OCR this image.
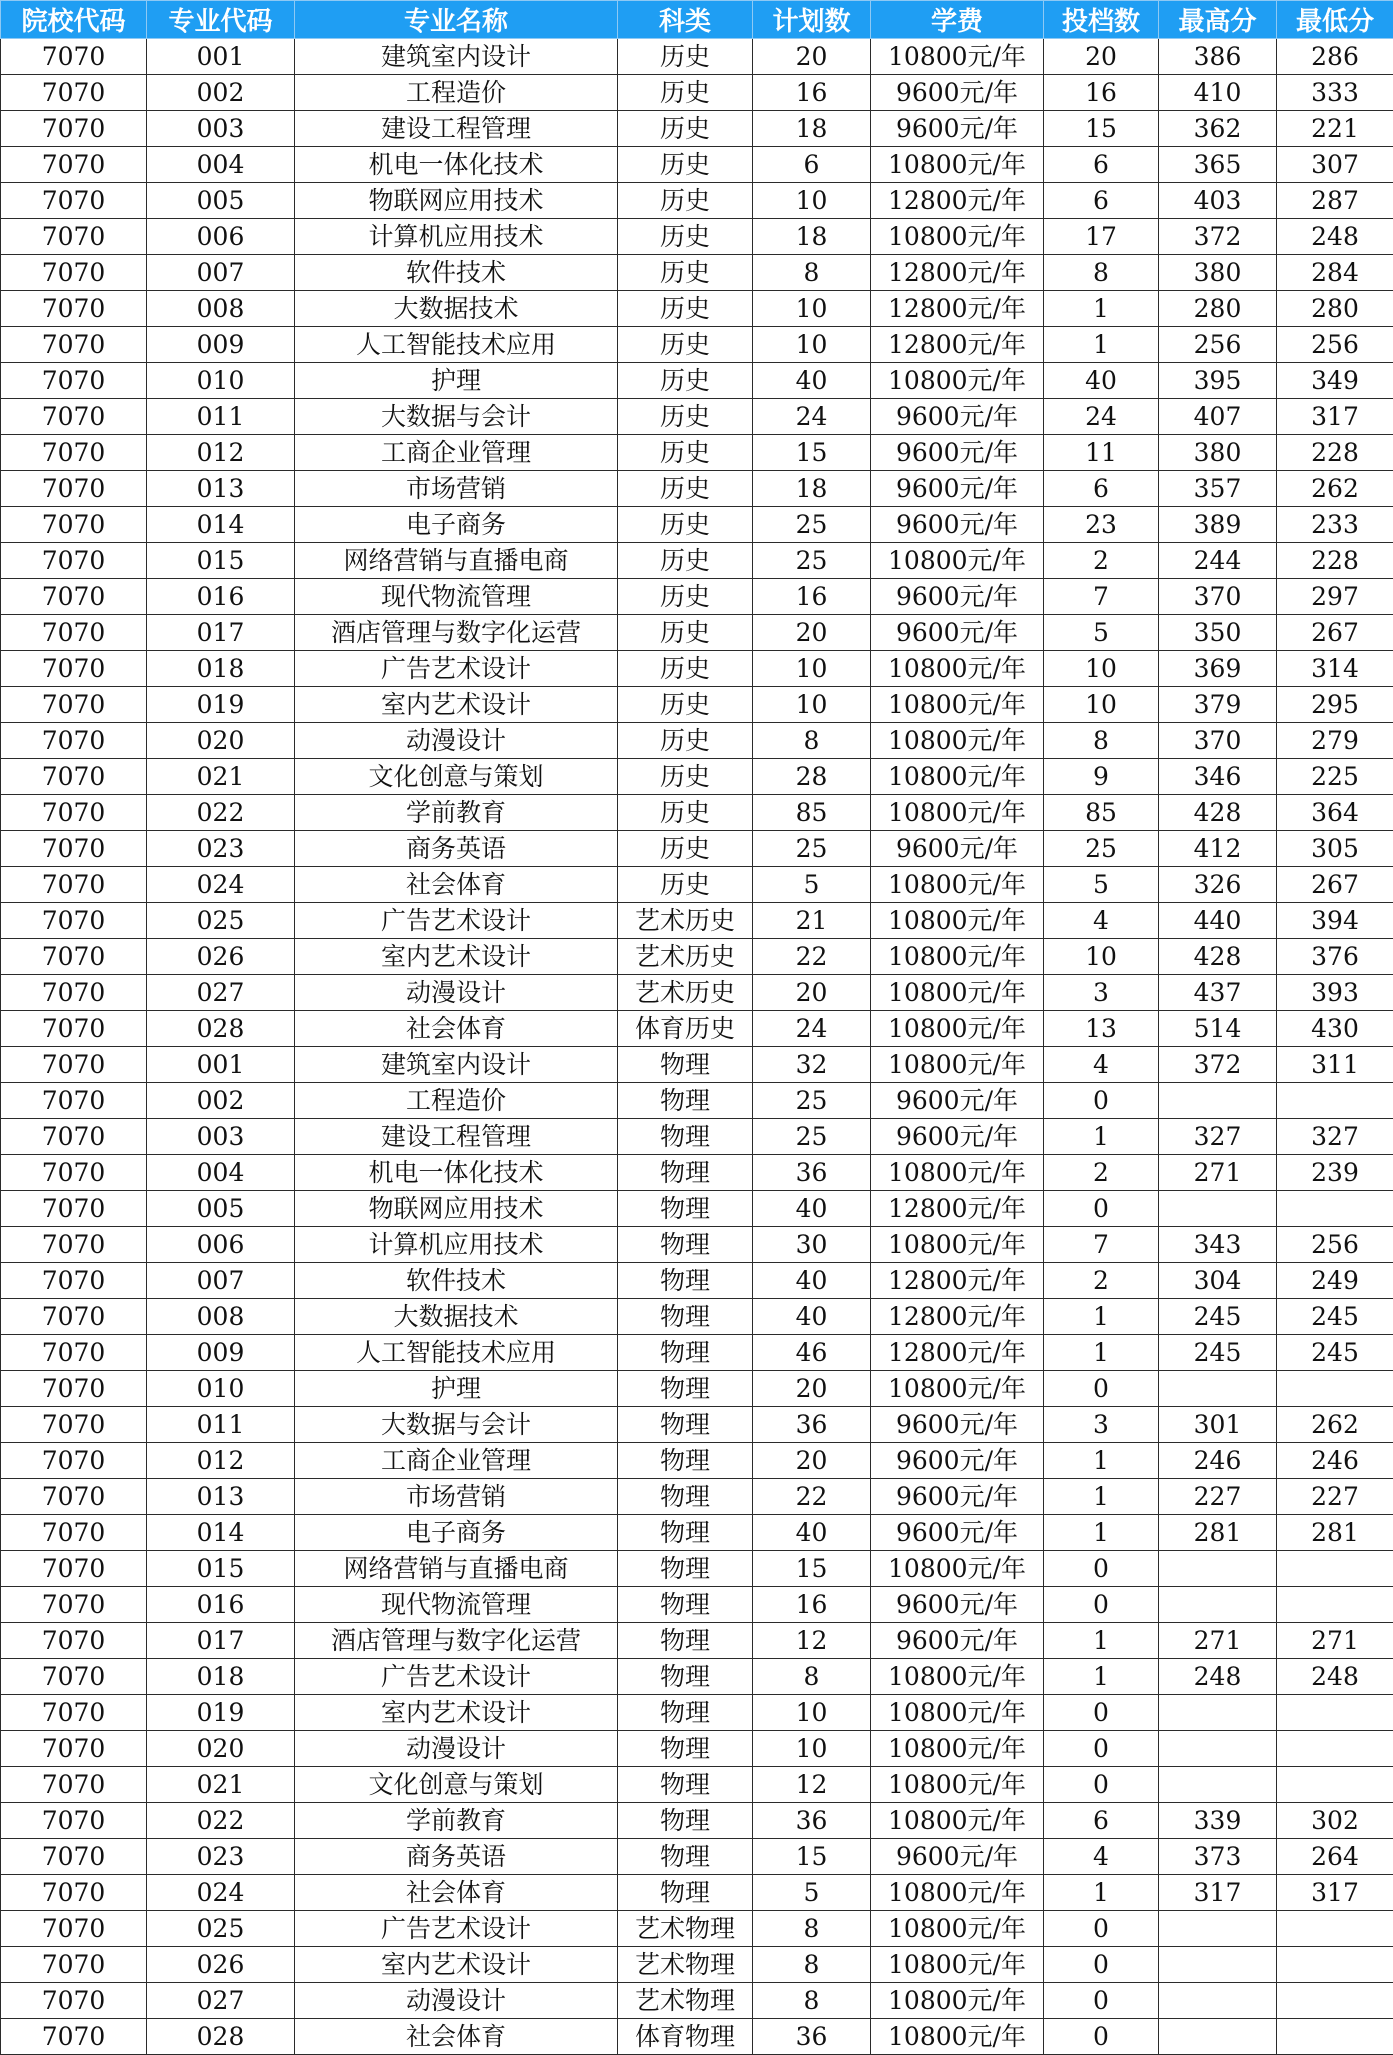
院校代码	专业代码	专业名称	科类	计划数	学费	投档数	最高分	最低分
7070	001	建筑室内设计	历史	20	10800元/年	20	386	286
7070	002	工程造价	历史	16	9600元/年	16	410	333
7070	003	建设工程管理	历史	18	9600元/年	15	362	221
7070	004	机电一体化技术	历史	6	10800元/年	6	365	307
7070	005	物联网应用技术	历史	10	12800元/年	6	403	287
7070	006	计算机应用技术	历史	18	10800元/年	17	372	248
7070	007	软件技术	历史	8	12800元/年	8	380	284
7070	008	大数据技术	历史	10	12800元/年	1	280	280
7070	009	人工智能技术应用	历史	10	12800元/年	1	256	256
7070	010	护理	历史	40	10800元/年	40	395	349
7070	011	大数据与会计	历史	24	9600元/年	24	407	317
7070	012	工商企业管理	历史	15	9600元/年	11	380	228
7070	013	市场营销	历史	18	9600元/年	6	357	262
7070	014	电子商务	历史	25	9600元/年	23	389	233
7070	015	网络营销与直播电商	历史	25	10800元/年	2	244	228
7070	016	现代物流管理	历史	16	9600元/年	7	370	297
7070	017	酒店管理与数字化运营	历史	20	9600元/年	5	350	267
7070	018	广告艺术设计	历史	10	10800元/年	10	369	314
7070	019	室内艺术设计	历史	10	10800元/年	10	379	295
7070	020	动漫设计	历史	8	10800元/年	8	370	279
7070	021	文化创意与策划	历史	28	10800元/年	9	346	225
7070	022	学前教育	历史	85	10800元/年	85	428	364
7070	023	商务英语	历史	25	9600元/年	25	412	305
7070	024	社会体育	历史	5	10800元/年	5	326	267
7070	025	广告艺术设计	艺术历史	21	10800元/年	4	440	394
7070	026	室内艺术设计	艺术历史	22	10800元/年	10	428	376
7070	027	动漫设计	艺术历史	20	10800元/年	3	437	393
7070	028	社会体育	体育历史	24	10800元/年	13	514	430
7070	001	建筑室内设计	物理	32	10800元/年	4	372	311
7070	002	工程造价	物理	25	9600元/年	0		
7070	003	建设工程管理	物理	25	9600元/年	1	327	327
7070	004	机电一体化技术	物理	36	10800元/年	2	271	239
7070	005	物联网应用技术	物理	40	12800元/年	0		
7070	006	计算机应用技术	物理	30	10800元/年	7	343	256
7070	007	软件技术	物理	40	12800元/年	2	304	249
7070	008	大数据技术	物理	40	12800元/年	1	245	245
7070	009	人工智能技术应用	物理	46	12800元/年	1	245	245
7070	010	护理	物理	20	10800元/年	0		
7070	011	大数据与会计	物理	36	9600元/年	3	301	262
7070	012	工商企业管理	物理	20	9600元/年	1	246	246
7070	013	市场营销	物理	22	9600元/年	1	227	227
7070	014	电子商务	物理	40	9600元/年	1	281	281
7070	015	网络营销与直播电商	物理	15	10800元/年	0		
7070	016	现代物流管理	物理	16	9600元/年	0		
7070	017	酒店管理与数字化运营	物理	12	9600元/年	1	271	271
7070	018	广告艺术设计	物理	8	10800元/年	1	248	248
7070	019	室内艺术设计	物理	10	10800元/年	0		
7070	020	动漫设计	物理	10	10800元/年	0		
7070	021	文化创意与策划	物理	12	10800元/年	0		
7070	022	学前教育	物理	36	10800元/年	6	339	302
7070	023	商务英语	物理	15	9600元/年	4	373	264
7070	024	社会体育	物理	5	10800元/年	1	317	317
7070	025	广告艺术设计	艺术物理	8	10800元/年	0		
7070	026	室内艺术设计	艺术物理	8	10800元/年	0		
7070	027	动漫设计	艺术物理	8	10800元/年	0		
7070	028	社会体育	体育物理	36	10800元/年	0		
